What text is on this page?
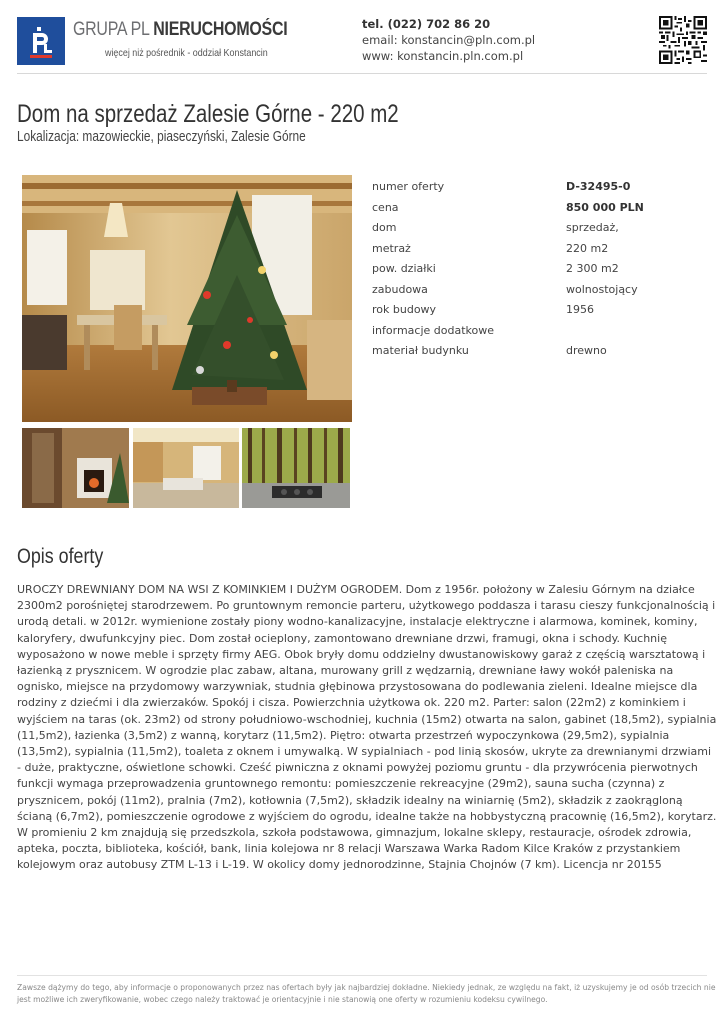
GRUPA PL NIERUCHOMOŚCI
więcej niż pośrednik - oddział Konstancin
tel. (022) 702 86 20
email: konstancin@pln.com.pl
www: konstancin.pln.com.pl
Dom na sprzedaż Zalesie Górne - 220 m2
Lokalizacja: mazowieckie, piaseczyński, Zalesie Górne
numer oferty	D-32495-0
cena	850 000 PLN
dom	sprzedaż,
metraż	220 m2
pow. działki	2 300 m2
zabudowa	wolnostojący
rok budowy	1956
informacje dodatkowe
materiał budynku	drewno
Opis oferty
UROCZY DREWNIANY DOM NA WSI Z KOMINKIEM I DUŻYM OGRODEM. Dom z 1956r. położony w Zalesiu Górnym na działce 2300m2 porośniętej starodrzewem. Po gruntownym remoncie parteru, użytkowego poddasza i tarasu cieszy funkcjonalnością i urodą detali. w 2012r. wymienione zostały piony wodno-kanalizacyjne, instalacje elektryczne i alarmowa, kominek, kominy, kaloryfery, dwufunkcyjny piec. Dom został ocieplony, zamontowano drewniane drzwi, framugi, okna i schody. Kuchnię wyposażono w nowe meble i sprzęty firmy AEG. Obok bryły domu oddzielny dwustanowiskowy garaż z częścią warsztatową i łazienką z prysznicem. W ogrodzie plac zabaw, altana, murowany grill z wędzarnią, drewniane ławy wokół paleniska na ognisko, miejsce na przydomowy warzywniak, studnia głębinowa przystosowana do podlewania zieleni. Idealne miejsce dla rodziny z dziećmi i dla zwierzaków. Spokój i cisza. Powierzchnia użytkowa ok. 220 m2. Parter: salon (22m2) z kominkiem i wyjściem na taras (ok. 23m2) od strony południowo-wschodniej, kuchnia (15m2) otwarta na salon, gabinet (18,5m2), sypialnia (11,5m2), łazienka (3,5m2) z wanną, korytarz (11,5m2). Piętro: otwarta przestrzeń wypoczynkowa (29,5m2), sypialnia (13,5m2), sypialnia (11,5m2), toaleta z oknem i umywalką. W sypialniach - pod linią skosów, ukryte za drewnianymi drzwiami - duże, praktyczne, oświetlone schowki. Cześć piwniczna z oknami powyżej poziomu gruntu - dla przywrócenia pierwotnych funkcji wymaga przeprowadzenia gruntownego remontu: pomieszczenie rekreacyjne (29m2), sauna sucha (czynna) z prysznicem, pokój (11m2), pralnia (7m2), kotłownia (7,5m2), składzik idealny na winiarnię (5m2), składzik z zaokrągloną ścianą (6,7m2), pomieszczenie ogrodowe z wyjściem do ogrodu, idealne także na hobbystyczną pracownię (16,5m2), korytarz. W promieniu 2 km znajdują się przedszkola, szkoła podstawowa, gimnazjum, lokalne sklepy, restauracje, ośrodek zdrowia, apteka, poczta, biblioteka, kościół, bank, linia kolejowa nr 8 relacji Warszawa Warka Radom Kilce Kraków z przystankiem kolejowym oraz autobusy ZTM L-13 i L-19. W okolicy domy jednorodzinne, Stajnia Chojnów (7 km). Licencja nr 20155
Zawsze dążymy do tego, aby informacje o proponowanych przez nas ofertach były jak najbardziej dokładne. Niekiedy jednak, ze względu na fakt, iż uzyskujemy je od osób trzecich nie jest możliwe ich zweryfikowanie, wobec czego należy traktować je orientacyjnie i nie stanowią one oferty w rozumieniu kodeksu cywilnego.
